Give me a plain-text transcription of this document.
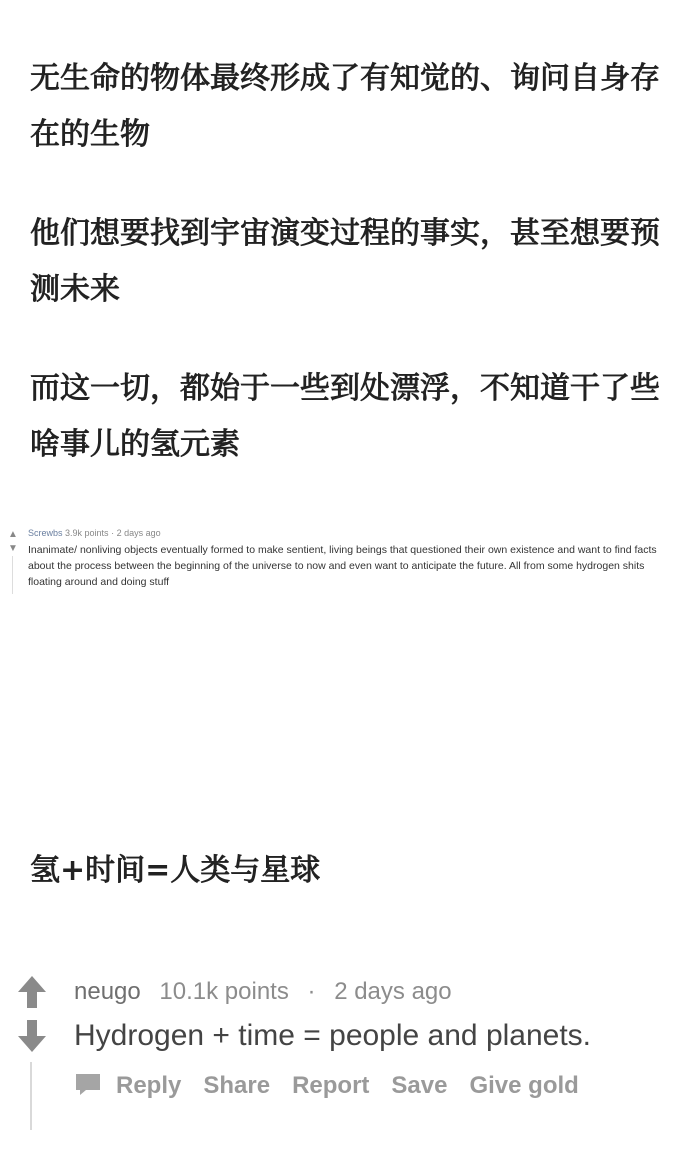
无生命的物体最终形成了有知觉的、询问自身存在的生物

他们想要找到宇宙演变过程的事实，甚至想要预测未来

而这一切，都始于一些到处漂浮，不知道干了些啥事儿的氢元素

▲
▼
Screwbs 3.9k points · 2 days ago
Inanimate/ nonliving objects eventually formed to make sentient, living beings that questioned their own existence and want to find facts about the process between the beginning of the universe to now and even want to anticipate the future. All from some hydrogen shits floating around and doing stuff

氢+时间=人类与星球

neugo 10.1k points · 2 days ago
Hydrogen + time = people and planets.
Reply Share Report Save Give gold
